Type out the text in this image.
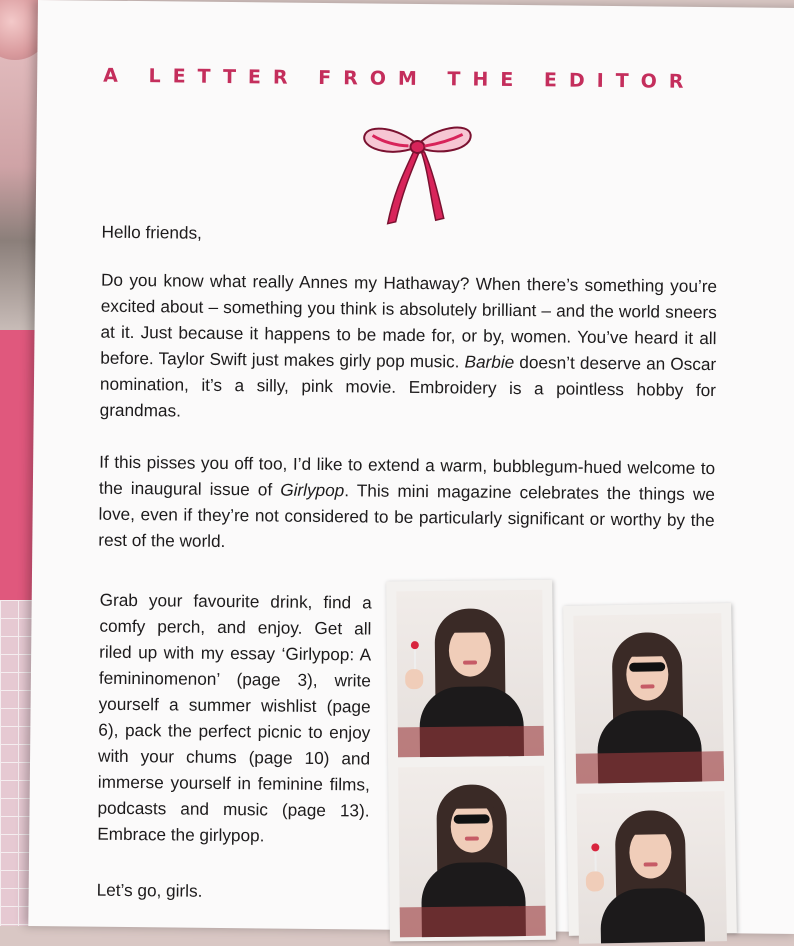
A LETTER FROM THE EDITOR
Hello friends,

Do you know what really Annes my Hathaway? When there’s something you’re excited about – something you think is absolutely brilliant – and the world sneers at it. Just because it happens to be made for, or by, women. You’ve heard it all before. Taylor Swift just makes girly pop music. Barbie doesn’t deserve an Oscar nomination, it’s a silly, pink movie. Embroidery is a pointless hobby for grandmas.

If this pisses you off too, I’d like to extend a warm, bubblegum-hued welcome to the inaugural issue of Girlypop. This mini magazine celebrates the things we love, even if they’re not considered to be particularly significant or worthy by the rest of the world.

Grab your favourite drink, find a comfy perch, and enjoy. Get all riled up with my essay ‘Girlypop: A femininomenon’ (page 3), write yourself a summer wishlist (page 6), pack the perfect picnic to enjoy with your chums (page 10) and immerse yourself in feminine films, podcasts and music (page 13). Embrace the girlypop.

Let’s go, girls.
